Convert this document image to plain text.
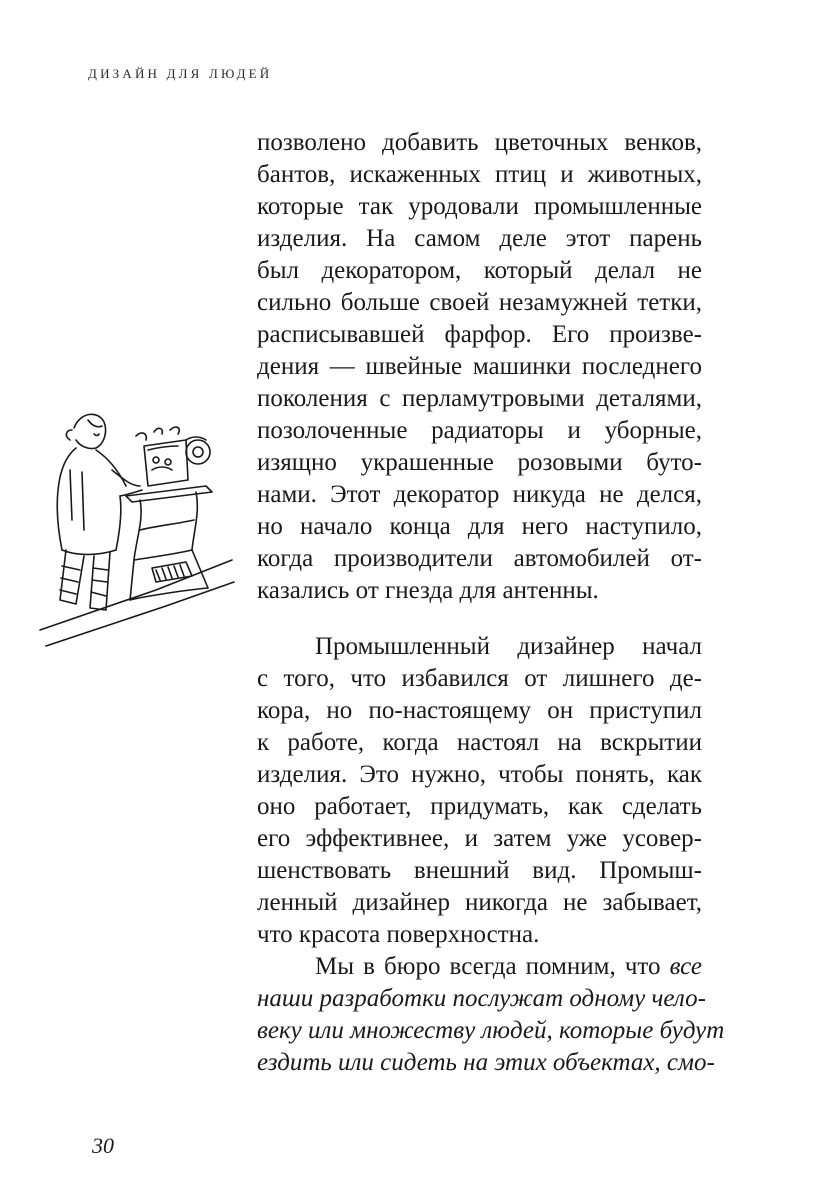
ДИЗАЙН ДЛЯ ЛЮДЕЙ
позволено добавить цветочных венков,
бантов, искаженных птиц и животных,
которые так уродовали промышленные
изделия. На самом деле этот парень
был декоратором, который делал не
сильно больше своей незамужней тетки,
расписывавшей фарфор. Его произве-
дения — швейные машинки последнего
поколения с перламутровыми деталями,
позолоченные радиаторы и уборные,
изящно украшенные розовыми буто-
нами. Этот декоратор никуда не делся,
но начало конца для него наступило,
когда производители автомобилей от-
казались от гнезда для антенны.
Промышленный дизайнер начал
с того, что избавился от лишнего де-
кора, но по-настоящему он приступил
к работе, когда настоял на вскрытии
изделия. Это нужно, чтобы понять, как
оно работает, придумать, как сделать
его эффективнее, и затем уже усовер-
шенствовать внешний вид. Промыш-
ленный дизайнер никогда не забывает,
что красота поверхностна.
Мы в бюро всегда помним, что все
наши разработки послужат одному чело-
веку или множеству людей, которые будут
ездить или сидеть на этих объектах, смо-
30
